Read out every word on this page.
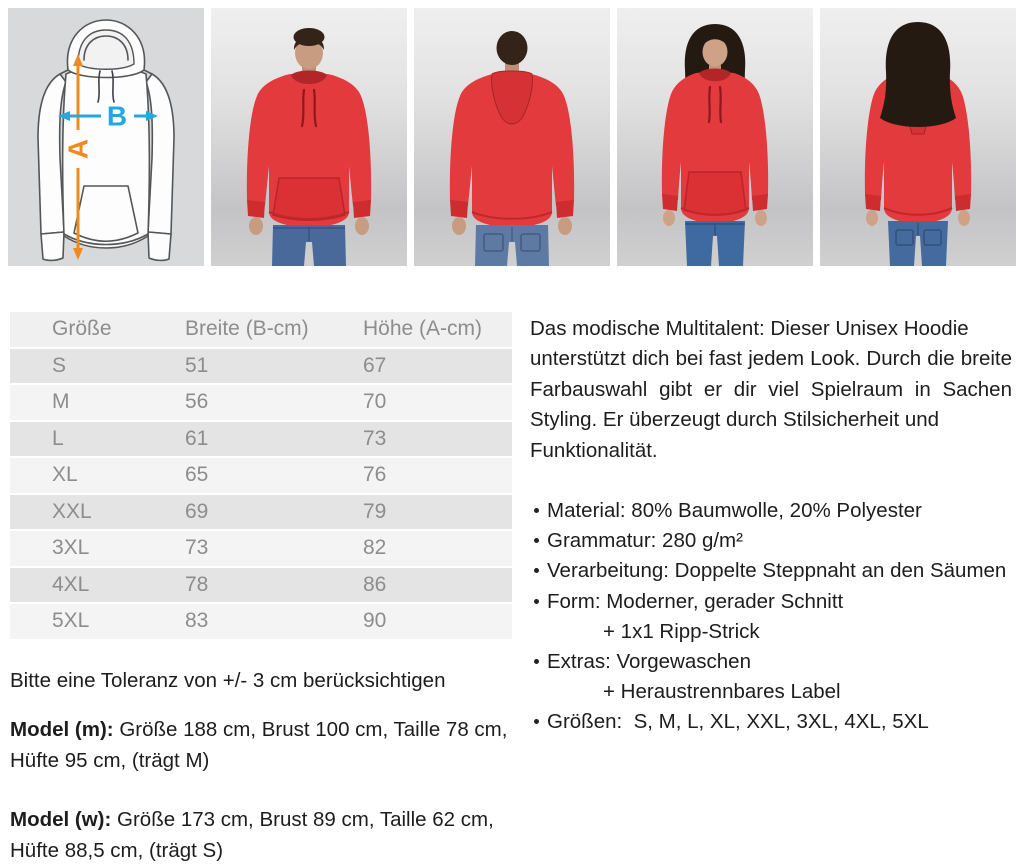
A
B
Größe	Breite (B-cm)	Höhe (A-cm)
S	51	67
M	56	70
L	61	73
XL	65	76
XXL	69	79
3XL	73	82
4XL	78	86
5XL	83	90
Das modische Multitalent: Dieser Unisex Hoodie
unterstützt dich bei fast jedem Look. Durch die breite
Farbauswahl gibt er dir viel Spielraum in Sachen
Styling. Er überzeugt durch Stilsicherheit und
Funktionalität.
Material: 80% Baumwolle, 20% Polyester
Grammatur: 280 g/m²
Verarbeitung: Doppelte Steppnaht an den Säumen
Form: Moderner, gerader Schnitt
+ 1x1 Ripp-Strick
Extras: Vorgewaschen
+ Heraustrennbares Label
Größen:  S, M, L, XL, XXL, 3XL, 4XL, 5XL
Bitte eine Toleranz von +/- 3 cm berücksichtigen

Model (m): Größe 188 cm, Brust 100 cm, Taille 78 cm, Hüfte 95 cm, (trägt M)

Model (w): Größe 173 cm, Brust 89 cm, Taille 62 cm, Hüfte 88,5 cm, (trägt S)
